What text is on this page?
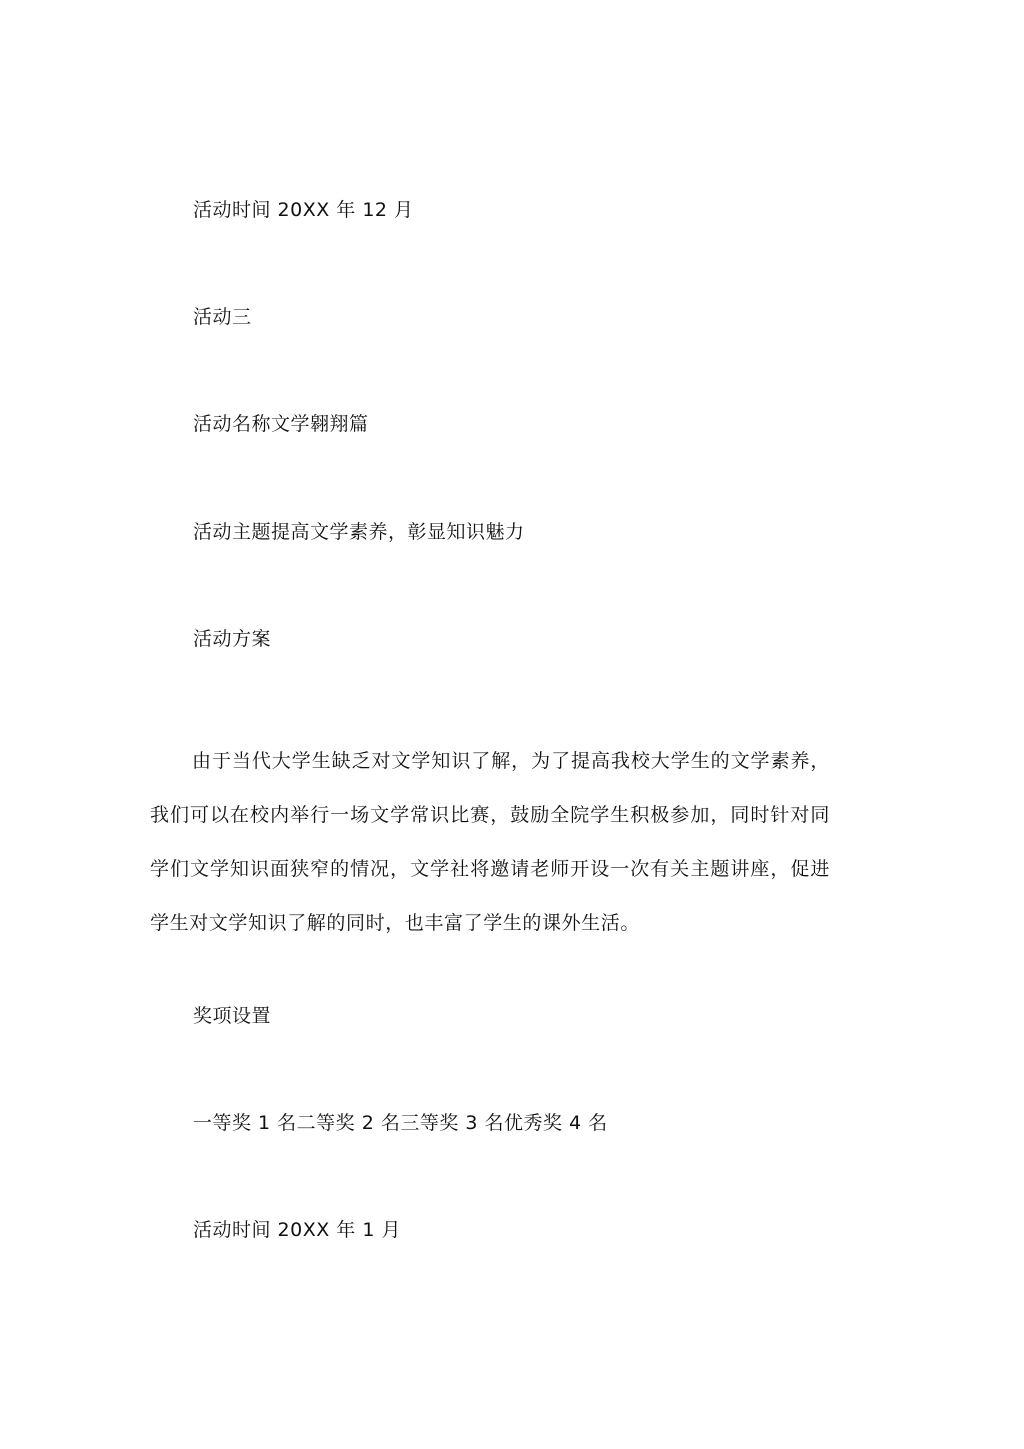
活动时间 20XX 年 12 月
活动三
活动名称文学翱翔篇
活动主题提高文学素养，彰显知识魅力
活动方案
由于当代大学生缺乏对文学知识了解，为了提高我校大学生的文学素养，我们可以在校内举行一场文学常识比赛，鼓励全院学生积极参加，同时针对同学们文学知识面狭窄的情况，文学社将邀请老师开设一次有关主题讲座，促进学生对文学知识了解的同时，也丰富了学生的课外生活。
奖项设置
一等奖 1 名二等奖 2 名三等奖 3 名优秀奖 4 名
活动时间 20XX 年 1 月
